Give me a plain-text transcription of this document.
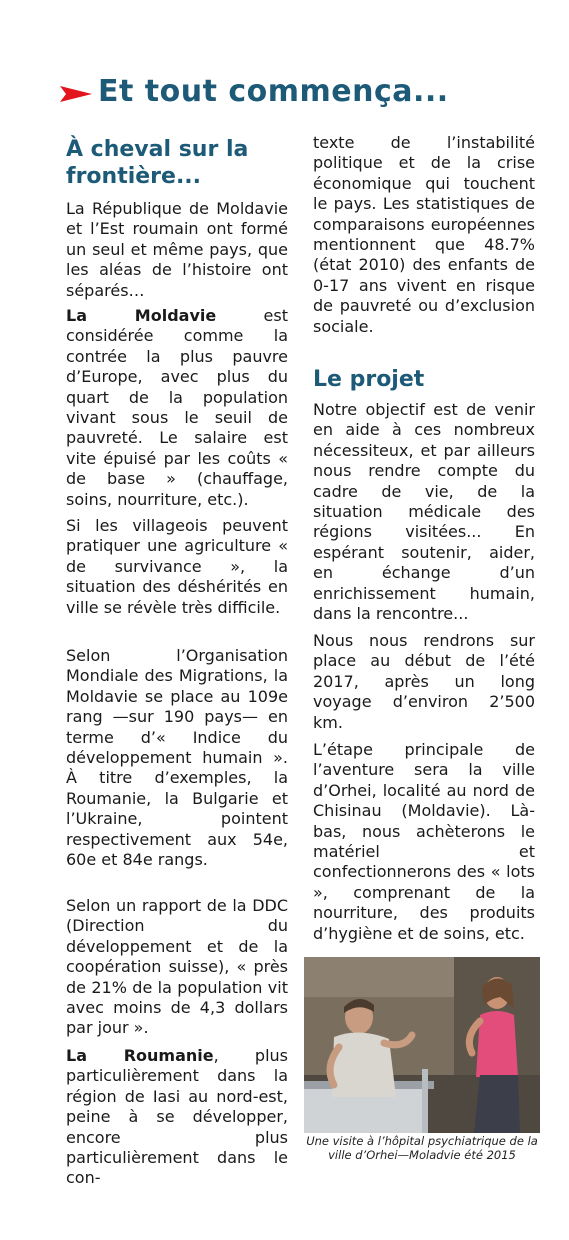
Et tout commença...
À cheval sur la frontière...

La République de Moldavie et l’Est roumain ont formé un seul et même pays, que les aléas de l’histoire ont séparés…

La Moldavie est considérée comme la contrée la plus pauvre d’Europe, avec plus du quart de la population vivant sous le seuil de pauvreté. Le salaire est vite épuisé par les coûts « de base » (chauffage, soins, nourriture, etc.).

Si les villageois peuvent pratiquer une agriculture « de survivance », la situation des déshérités en ville se révèle très difficile.

Selon l’Organisation Mondiale des Migrations, la Moldavie se place au 109e rang —sur 190 pays— en terme d’« Indice du développement humain ». À titre d’exemples, la Roumanie, la Bulgarie et l’Ukraine, pointent respectivement aux 54e, 60e et 84e rangs.

Selon un rapport de la DDC (Direction du développement et de la coopération suisse), « près de 21% de la population vit avec moins de 4,3 dollars par jour ».

La Roumanie, plus particulièrement dans la région de Iasi au nord-est, peine à se développer, encore plus particulièrement dans le con-

texte de l’instabilité politique et de la crise économique qui touchent le pays. Les statistiques de comparaisons européennes mentionnent que 48.7% (état 2010) des enfants de 0-17 ans vivent en risque de pauvreté ou d’exclusion sociale.

Le projet

Notre objectif est de venir en aide à ces nombreux nécessiteux, et par ailleurs nous rendre compte du cadre de vie, de la situation médicale des régions visitées... En espérant soutenir, aider, en échange d’un enrichissement humain, dans la rencontre...

Nous nous rendrons sur place au début de l’été 2017, après un long voyage d’environ 2’500 km.

L’étape principale de l’aventure sera la ville d’Orhei, localité au nord de Chisinau (Moldavie). Là-bas, nous achèterons le matériel et confectionnerons des « lots », comprenant de la nourriture, des produits d’hygiène et de soins, etc.

Une visite à l’hôpital psychiatrique de la ville d’Orhei—Moladvie été 2015
